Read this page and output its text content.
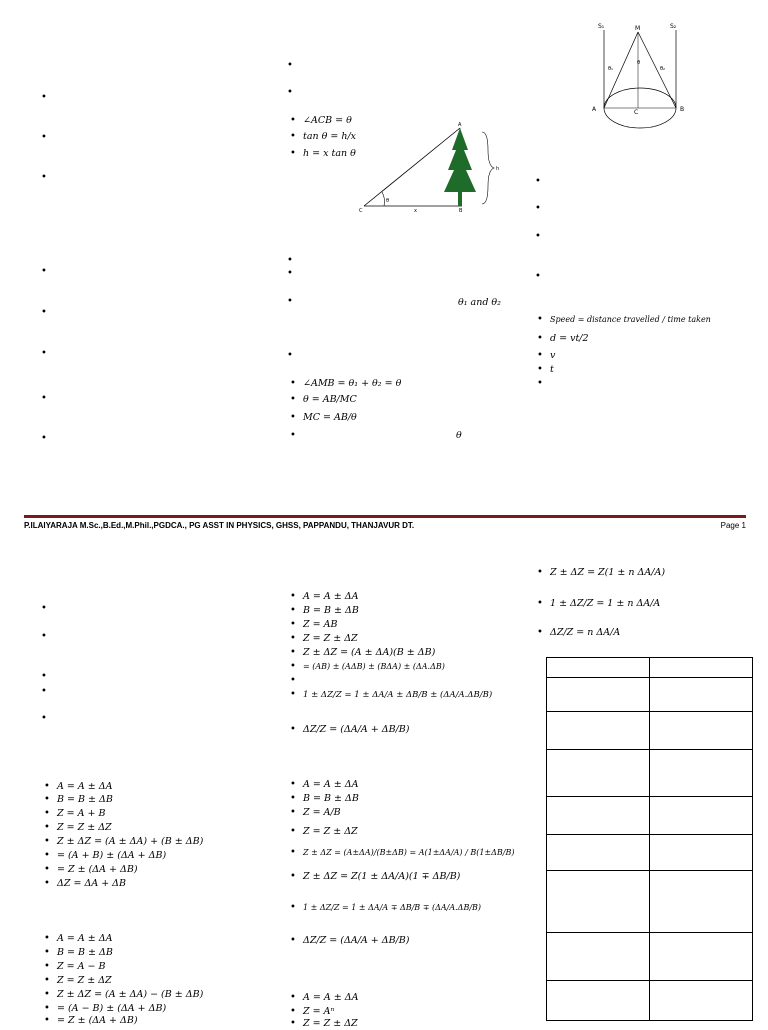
• ∠ACB = θ
• tan θ = h/x
• h = x tan θ
A
B
C
h
x
θ
θ₁ and θ₂
• ∠AMB = θ₁ + θ₂ = θ
• θ = AB/MC
• MC = AB/θ
θ
S₁	M	S₂
A	C	B
θ₁
θ
θ₂
• Speed = distance travelled / time taken
• d = vt/2
• v
• t
P.ILAIYARAJA M.Sc.,B.Ed.,M.Phil.,PGDCA., PG ASST IN PHYSICS, GHSS, PAPPANDU, THANJAVUR DT.	Page 1
• Z ± ΔZ = Z(1 ± n ΔA/A)
• 1 ± ΔZ/Z = 1 ± n ΔA/A
• ΔZ/Z = n ΔA/A

• A = A ± ΔA
• B = B ± ΔB
• Z = AB
• Z = Z ± ΔZ
• Z ± ΔZ = (A ± ΔA)(B ± ΔB)
• = (AB) ± (AΔB) ± (BΔA) ± (ΔA.ΔB)
• 1 ± ΔZ/Z = 1 ± ΔA/A ± ΔB/B ± (ΔA/A.ΔB/B)
• ΔZ/Z = (ΔA/A + ΔB/B)
• A = A ± ΔA
• B = B ± ΔB
• Z = A + B
• Z = Z ± ΔZ
• Z ± ΔZ = (A ± ΔA) + (B ± ΔB)
• = (A + B) ± (ΔA + ΔB)
• = Z ± (ΔA + ΔB)
• ΔZ = ΔA + ΔB
• A = A ± ΔA
• B = B ± ΔB
• Z = A/B
• Z = Z ± ΔZ
• Z ± ΔZ = (A±ΔA)/(B±ΔB) = A(1±ΔA/A) / B(1±ΔB/B)
• Z ± ΔZ = Z(1 ± ΔA/A)(1 ∓ ΔB/B)
• 1 ± ΔZ/Z = 1 ± ΔA/A ∓ ΔB/B ∓ (ΔA/A.ΔB/B)
• ΔZ/Z = (ΔA/A + ΔB/B)
• A = A ± ΔA
• B = B ± ΔB
• Z = A − B
• Z = Z ± ΔZ
• Z ± ΔZ = (A ± ΔA) − (B ± ΔB)
• = (A − B) ± (ΔA + ΔB)
• = Z ± (ΔA + ΔB)
• A = A ± ΔA
• Z = Aⁿ
• Z = Z ± ΔZ
